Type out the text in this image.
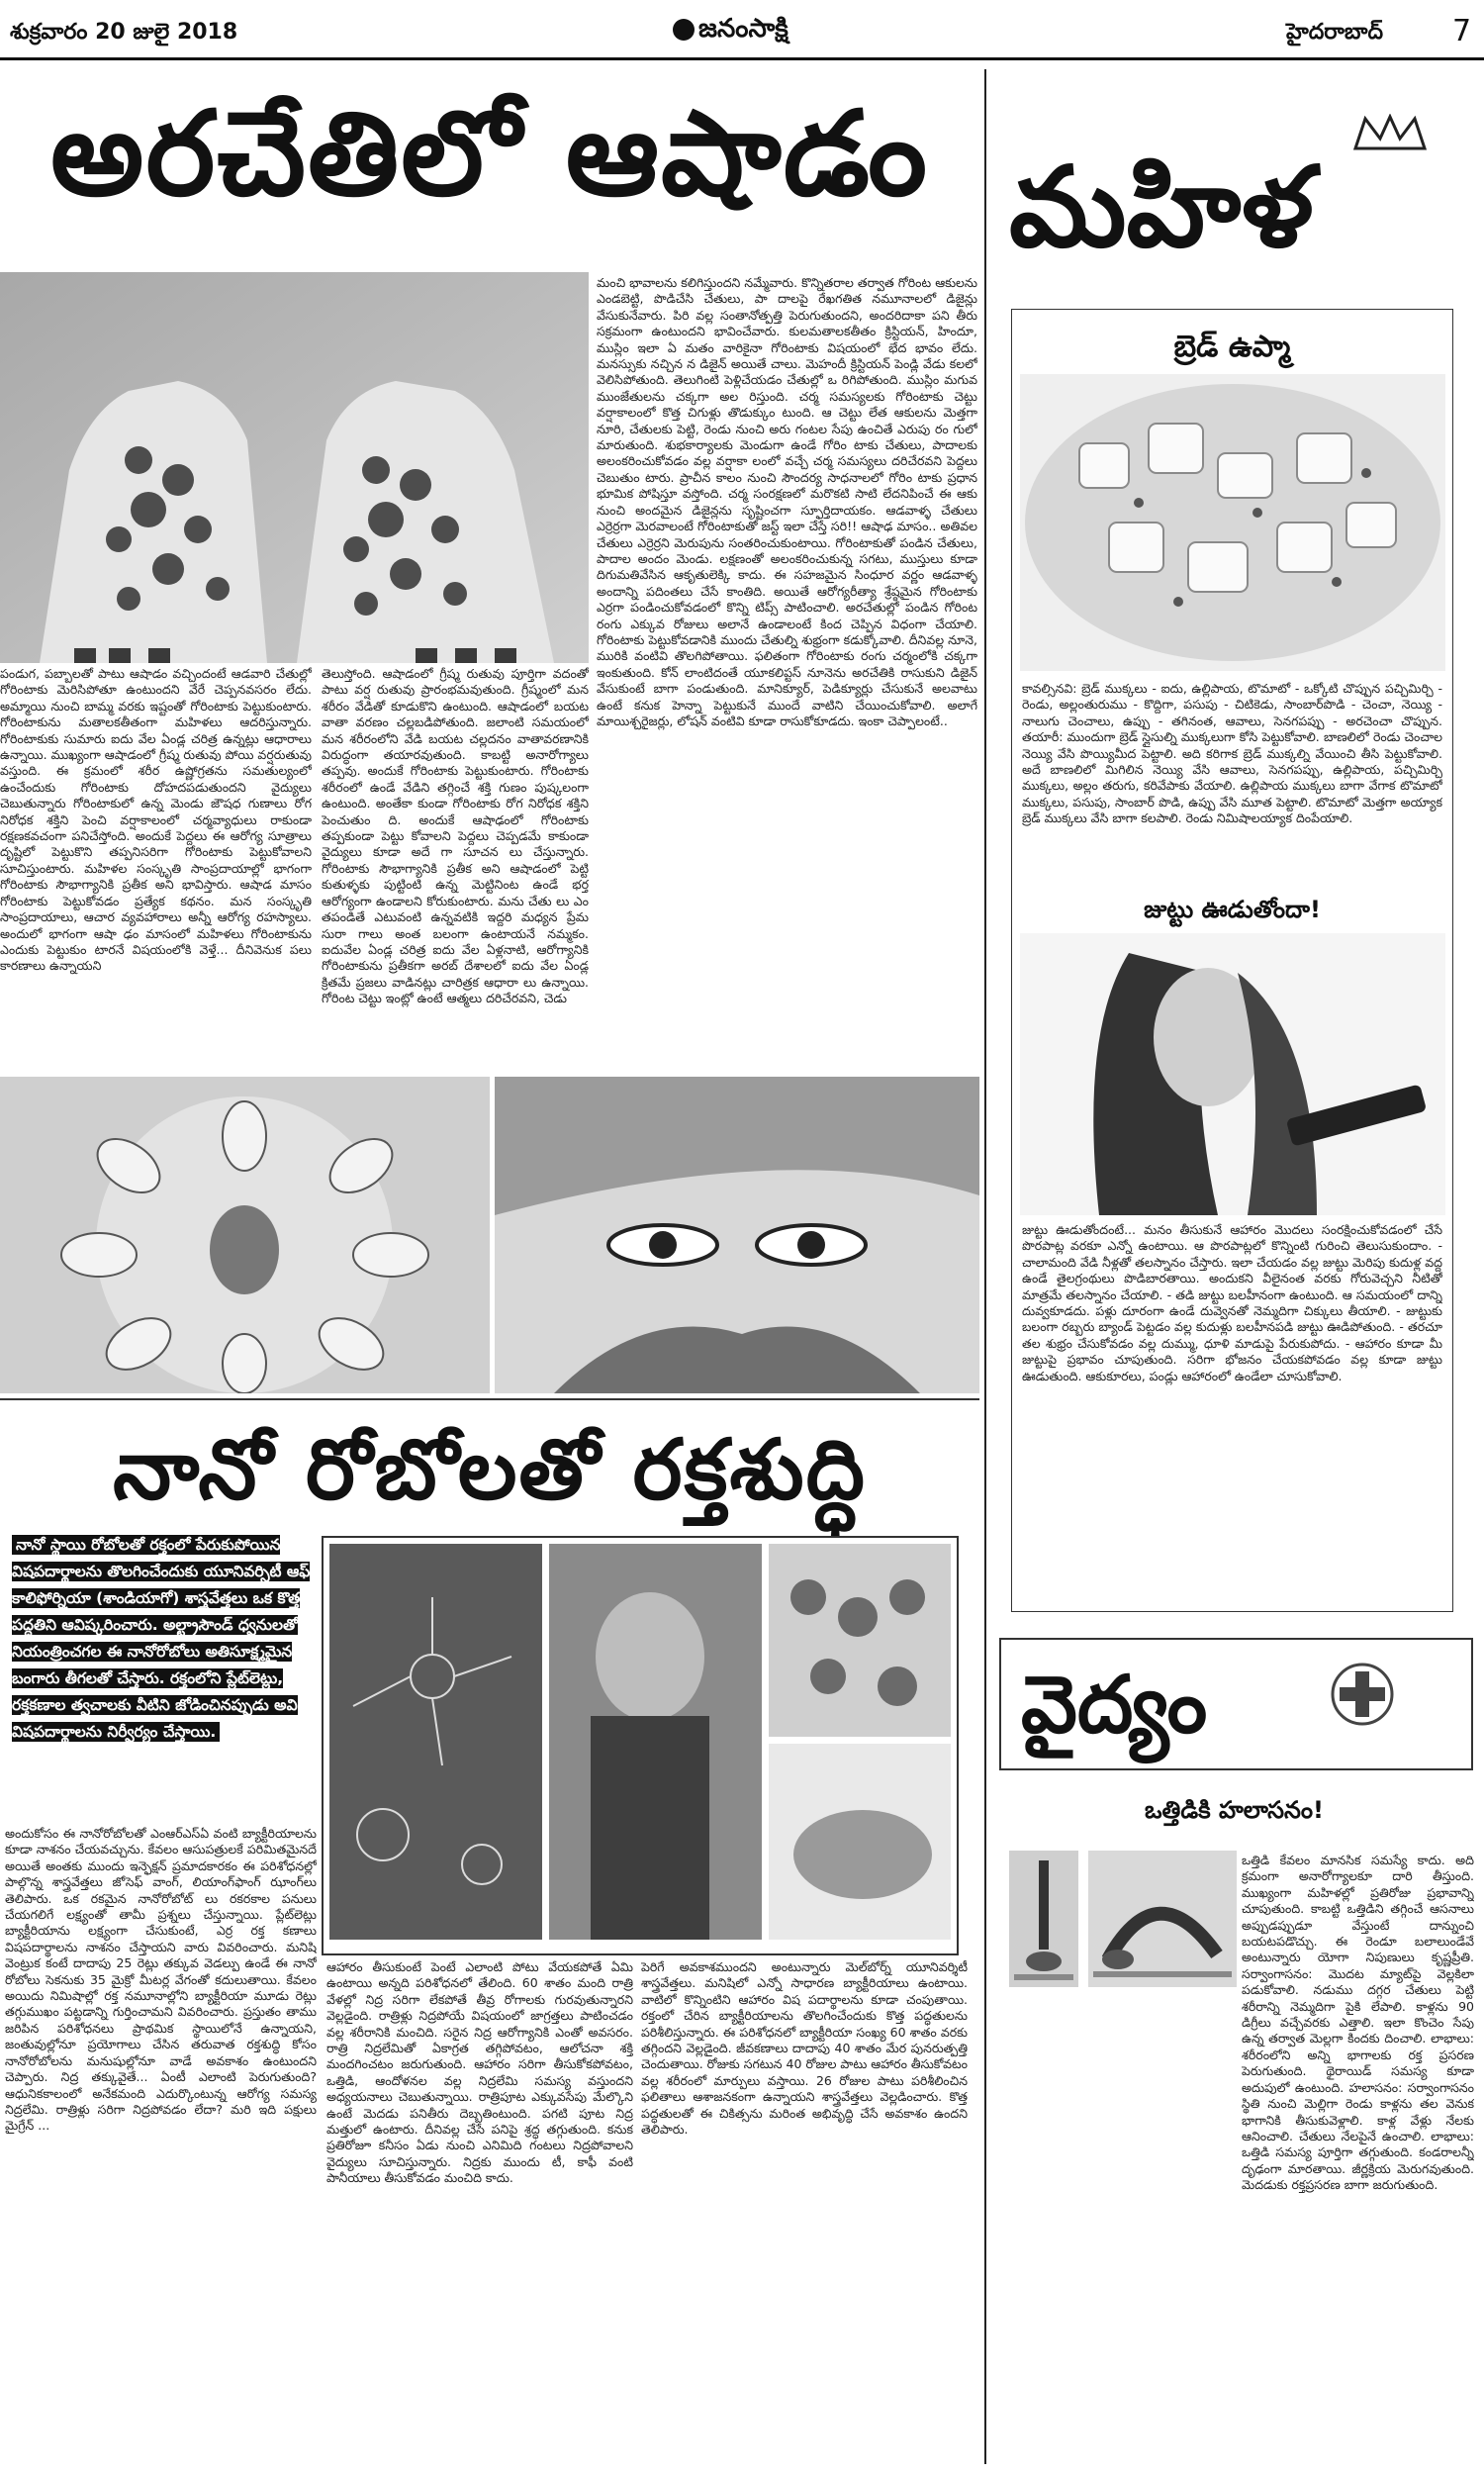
శుక్రవారం 20 జులై 2018	జనంసాక్షి	హైదరాబాద్ 7
అరచేతిలో ఆషాడం
మంచి భావాలను కలిగిస్తుందని నమ్మేవారు. కొన్నితరాల తర్వాత గోరింట ఆకులను ఎండబెట్టి, పొడిచేసి చేతులు, పా దాలపై రేఖగతిత నమూనాలలో డిజైన్లు వేసుకునేవారు. పిరి వల్ల సంతానోత్పత్తి పెరుగుతుందని, అందరిదాకా పని తీరు సక్రమంగా ఉంటుందని భావించేవారు. కులమతాలకతీతం క్రిస్టియన్, హిందూ, ముస్లిం ఇలా ఏ మతం వారికైనా గోరింటాకు విషయంలో భేద భావం లేదు. మనస్సుకు నచ్చిన న డిజైన్ అయితే చాలు. మెహందీ క్రిస్టియన్ పెండ్లి వేడు కలలో వెలిసిపోతుంది. తెలుగింటి పెళ్లిచేయడం చేతుల్లో ఒ రిగిపోతుంది. ముస్లిం మగువ ముంజేతులను చక్కగా అల రిస్తుంది. చర్మ సమస్యలకు గోరింటాకు చెట్టు వర్షాకాలంలో కొత్త చిగుళ్లు తొడుక్కుం టుంది. ఆ చెట్టు లేత ఆకులను మెత్తగా నూరి, చేతులకు పెట్టి, రెండు నుంచి అరు గంటల సేపు ఉంచితే ఎరుపు రం గులో మారుతుంది. శుభకార్యాలకు మెండుగా ఉండే గోరిం టాకు చేతులు, పాదాలకు అలంకరించుకోవడం వల్ల వర్షాకా లంలో వచ్చే చర్మ సమస్యలు దరిచేరవని పెద్దలు చెబుతుం టారు. ప్రాచీన కాలం నుంచి సౌందర్య సాధనాలలో గోరిం టాకు ప్రధాన భూమిక పోషిస్తూ వస్తోంది. చర్మ సంరక్షణలో మరొకటి సాటి లేదనిపించే ఈ ఆకు నుంచి అందమైన డిజైన్లను సృష్టించగా స్ఫూర్తిదాయకం. ఆడవాళ్ళ చేతులు ఎర్రెర్రగా మెరవాలంటే గోరింటాకుతో జస్ట్ ఇలా చేస్తే సరి!! ఆషాఢ మాసం.. అతివల చేతులు ఎర్రెర్రని మెరుపును సంతరించుకుంటాయి. గోరింటాకుతో పండిన చేతులు, పాదాల అందం మెండు. లక్షణంతో అలంకరించుకున్న సగటు, ముస్తులు కూడా దిగుమతివేసిన ఆకృతులెక్కి కాదు. ఈ సహజమైన సింధూర వర్ణం ఆడవాళ్ళ అందాన్ని పదింతలు చేసే కాంతిది. అయితే ఆరోగ్యరీత్యా శ్రేష్ఠమైన గోరింటాకు ఎర్రగా పండించుకోవడంలో కొన్ని టిప్స్ పాటించాలి. అరచేతుల్లో పండిన గోరింట రంగు ఎక్కువ రోజులు అలానే ఉండాలంటే కింద చెప్పిన విధంగా చేయాలి. గోరింటాకు పెట్టుకోవడానికి ముందు చేతుల్ని శుభ్రంగా కడుక్కోవాలి. దీనివల్ల నూనె, మురికి వంటివి తొలగిపోతాయి. ఫలితంగా గోరింటాకు రంగు చర్మంలోకి చక్కగా ఇంకుతుంది. కోన్ లాంటిదంతే యూకలిప్టస్ నూనెను అరచేతికి రాసుకుని డిజైన్ వేసుకుంటే బాగా పండుతుంది. మానిక్యూర్, పెడిక్యూర్లు చేసుకునే అలవాటు ఉంటే కనుక హెన్నా పెట్టుకునే ముందే వాటిని చేయించుకోవాలి. అలాగే మాయిశ్చరైజర్లు, లోషన్ వంటివి కూడా రాసుకోకూడదు. ఇంకా చెప్పాలంటే..
పండుగ, పబ్బాలతో పాటు ఆషాడం వచ్చిందంటే ఆడవారి చేతుల్లో గోరింటాకు మెరిసిపోతూ ఉంటుందని వేరే చెప్పనవసరం లేదు. అమ్మాయి నుంచి బామ్మ వరకు ఇష్టంతో గోరింటాకు పెట్టుకుంటారు. గోరింటాకును మతాలకతీతంగా మహిళలు ఆదరిస్తున్నారు. గోరింటాకుకు సుమారు ఐదు వేల ఏండ్ల చరిత్ర ఉన్నట్లు ఆధారాలు ఉన్నాయి. ముఖ్యంగా ఆషాడంలో గ్రీష్మ రుతువు పోయి వర్షరుతువు వస్తుంది. ఈ క్రమంలో శరీర ఉష్ణోగ్రతను సమతుల్యంలో ఉంచేందుకు గోరింటాకు దోహదపడుతుందని వైద్యులు చెబుతున్నారు గోరింటాకులో ఉన్న మెండు జౌషధ గుణాలు రోగ నిరోధక శక్తిని పెంచి వర్షాకాలంలో చర్మవ్యాధులు రాకుండా రక్షణకవచంగా పనిచేస్తోంది. అందుకే పెద్దలు ఈ ఆరోగ్య సూత్రాలు దృష్టిలో పెట్టుకొని తప్పనిసరిగా గోరింటాకు పెట్టుకోవాలని సూచిస్తుంటారు. మహిళల సంస్కృతి సాంప్రదాయాల్లో భాగంగా గోరింటాకు సౌభాగ్యానికి ప్రతీక అని భావిస్తారు. ఆషాడ మాసం గోరింటాకు పెట్టుకోవడం ప్రత్యేక కథనం. మన సంస్కృతి సాంప్రదాయాలు, ఆచార వ్యవహారాలు అన్నీ ఆరోగ్య రహస్యాలు. అందులో భాగంగా ఆషా ఢం మాసంలో మహిళలు గోరింటాకును ఎందుకు పెట్టుకుం టారనే విషయంలోకి వెళ్తే... దీనివెనుక పలు కారణాలు ఉన్నాయని
తెలుస్తోంది. ఆషాడంలో గ్రీష్మ రుతువు పూర్తిగా వదంతో పాటు వర్ష రుతువు ప్రారంభమవుతుంది. గ్రీష్మంలో మన శరీరం వేడితో కూడుకొని ఉంటుంది. ఆషాడంలో బయట వాతా వరణం చల్లబడిపోతుంది. జలాంటి సమయంలో మన శరీరంలోని వేడి బయట చల్లదనం వాతావరణానికి విరుద్ధంగా తయారవుతుంది. కాబట్టి అనారోగ్యాలు తప్పవు. అందుకే గోరింటాకు పెట్టుకుంటారు. గోరింటాకు శరీరంలో ఉండే వేడిని తగ్గించే శక్తి గుణం పుష్కలంగా ఉంటుంది. అంతేకా కుండా గోరింటాకు రోగ నిరోధక శక్తిని పెంచుతుం ది. అందుకే ఆషాఢంలో గోరింటాకు తప్పకుండా పెట్టు కోవాలని పెద్దలు చెప్పడమే కాకుండా వైద్యులు కూడా అదే గా సూచన లు చేస్తున్నారు. గోరింటాకు సౌభాగ్యానికి ప్రతీక అని ఆషాడంలో పెట్టి కుతుళ్ళకు పుట్టింటి ఉన్న మెట్టినింట ఉండే భర్త ఆరోగ్యంగా ఉండాలని కోరుకుంటారు. మను చేతు లు ఎం తపండితే ఎటువంటి ఉన్నవటికి ఇద్దరి మధ్యన ప్రేమ సురా గాలు అంత బలంగా ఉంటాయనే నమ్మకం. ఐదువేల ఏండ్ల చరిత్ర ఐదు వేల ఏళ్లనాటి, ఆరోగ్యానికి గోరింటాకును ప్రతీకగా అరబ్ దేశాలలో ఐదు వేల ఏండ్ల క్రితమే ప్రజలు వాడినట్లు చారిత్రక ఆధారా లు ఉన్నాయి. గోరింట చెట్టు ఇంట్లో ఉంటే ఆత్మలు దరిచేరవని, చెడు
నానో రోబోలతో రక్తశుద్ధి
నానో స్థాయి రోబోలతో రక్తంలో పేరుకుపోయిన విషపదార్థాలను తొలగించేందుకు యూనివర్సిటీ ఆఫ్ కాలిఫోర్నియా (శాండియాగో) శాస్త్రవేత్తలు ఒక కొత్త పద్ధతిని ఆవిష్కరించారు. అల్ట్రాసౌండ్ ధ్వనులతో నియంత్రించగల ఈ నానోరోబోలు అతిసూక్ష్మమైన బంగారు తీగలతో చేస్తారు. రక్తంలోని ప్లేట్‌లెట్లు, రక్తకణాల త్వచాలకు వీటిని జోడించినప్పుడు అవి విషపదార్థాలను నిర్వీర్యం చేస్తాయి.
అందుకోసం ఈ నానోరోబోలతో ఎంఆర్‌ఎస్ఏ వంటి బ్యాక్టీరియాలను కూడా నాశనం చేయవచ్చును. కేవలం ఆసుపత్రులకే పరిమితమైనదే అయితే అంతకు ముందు ఇన్ఫెక్షన్ ప్రమాదకారకం ఈ పరిశోధనల్లో పాల్గొన్న శాస్త్రవేత్తలు జోసెఫ్ వాంగ్, లియాంగ్‌ఫాంగ్ ఝాంగ్‌లు తెలిపారు. ఒక రకమైన నానోరోబోట్ లు రకరకాల పనులు చేయగలిగే లక్ష్యంతో తామీ ప్రశ్నలు చేస్తున్నాయి. ప్లేట్‌లెట్లు బ్యాక్టీరియాను లక్ష్యంగా చేసుకుంటే, ఎర్ర రక్త కణాలు విషపదార్థాలను నాశనం చేస్తాయని వారు వివరించారు. మనిషి వెంట్రుక కంటే దాదాపు 25 రెట్లు తక్కువ వెడల్పు ఉండే ఈ నానో రోబోలు సెకనుకు 35 మైక్రో మీటర్ల వేగంతో కదులుతాయి. కేవలం అయిదు నిమిషాల్లో రక్త నమూనాల్లోని బ్యాక్టీరియా మూడు రెట్లు తగ్గుముఖం పట్టడాన్ని గుర్తించామని వివరించారు. ప్రస్తుతం తాము జరిపిన పరిశోధనలు ప్రాథమిక స్థాయిలోనే ఉన్నాయని, జంతువుల్లోనూ ప్రయోగాలు చేసిన తరువాత రక్తశుద్ధి కోసం నానోరోబోలను మనుషుల్లోనూ వాడే అవకాశం ఉంటుందని చెప్పారు. నిద్ర తక్కువైతే... ఏంటీ ఎలాంటి పెరుగుతుంది? ఆధునికకాలంలో అనేకమంది ఎదుర్కొంటున్న ఆరోగ్య సమస్య నిద్రలేమి. రాత్రిళ్లు సరిగా నిద్రపోవడం లేదా? మరి ఇది పక్షులు మైగ్రేన్ ...
ఆహారం తీసుకుంటే పెంటే ఎలాంటి పోటు వేయకపోతే ఏమి ఉంటాయి అన్నది పరిశోధనలో తేలింది. 60 శాతం మంది రాత్రి వేళల్లో నిద్ర సరిగా లేకపోతే తీవ్ర రోగాలకు గురవుతున్నారని వెల్లడైంది. రాత్రిళ్లు నిద్రపోయే విషయంలో జాగ్రత్తలు పాటించడం వల్ల శరీరానికి మంచిది. సరైన నిద్ర ఆరోగ్యానికి ఎంతో అవసరం. రాత్రి నిద్రలేమితో ఏకాగ్రత తగ్గిపోవటం, ఆలోచనా శక్తి మందగించటం జరుగుతుంది. ఆహారం సరిగా తీసుకోకపోవటం, ఒత్తిడి, ఆందోళనల వల్ల నిద్రలేమి సమస్య వస్తుందని అధ్యయనాలు చెబుతున్నాయి. రాత్రిపూట ఎక్కువసేపు మేల్కొని ఉంటే మెదడు పనితీరు దెబ్బతింటుంది. పగటి పూట నిద్ర మత్తులో ఉంటారు. దీనివల్ల చేసే పనిపై శ్రద్ధ తగ్గుతుంది. కనుక ప్రతిరోజూ కనీసం ఏడు నుంచి ఎనిమిది గంటలు నిద్రపోవాలని వైద్యులు సూచిస్తున్నారు. నిద్రకు ముందు టీ, కాఫీ వంటి పానీయాలు తీసుకోవడం మంచిది కాదు.
పెరిగే అవకాశముందని అంటున్నారు మెల్‌బోర్న్ యూనివర్శిటీ శాస్త్రవేత్తలు. మనిషిలో ఎన్నో సాధారణ బ్యాక్టీరియాలు ఉంటాయి. వాటిలో కొన్నింటిని ఆహారం విష పదార్థాలను కూడా చంపుతాయి. రక్తంలో చేరిన బ్యాక్టీరియాలను తొలగించేందుకు కొత్త పద్ధతులను పరిశీలిస్తున్నారు. ఈ పరిశోధనలో బ్యాక్టీరియా సంఖ్య 60 శాతం వరకు తగ్గిందని వెల్లడైంది. జీవకణాలు దాదాపు 40 శాతం మేర పునరుత్పత్తి చెందుతాయి. రోజుకు సగటున 40 రోజుల పాటు ఆహారం తీసుకోవటం వల్ల శరీరంలో మార్పులు వస్తాయి. 26 రోజుల పాటు పరిశీలించిన ఫలితాలు ఆశాజనకంగా ఉన్నాయని శాస్త్రవేత్తలు వెల్లడించారు. కొత్త పద్ధతులతో ఈ చికిత్సను మరింత అభివృద్ధి చేసే అవకాశం ఉందని తెలిపారు.
మహిళ
బ్రెడ్ ఉప్మా
కావల్సినవి: బ్రెడ్ ముక్కలు - ఐదు, ఉల్లిపాయ, టొమాటో - ఒక్కోటి చొప్పున పచ్చిమిర్చి - రెండు, అల్లంతురుము - కొద్దిగా, పసుపు - చిటికెడు, సాంబార్‌పొడి - చెంచా, నెయ్యి - నాలుగు చెంచాలు, ఉప్పు - తగినంత, ఆవాలు, సెనగపప్పు - అరచెంచా చొప్పున. తయారీ: ముందుగా బ్రెడ్ స్లైసుల్ని ముక్కలుగా కోసి పెట్టుకోవాలి. బాణలిలో రెండు చెంచాల నెయ్యి వేసి పొయ్యిమీద పెట్టాలి. అది కరిగాక బ్రెడ్ ముక్కల్ని వేయించి తీసి పెట్టుకోవాలి. అదే బాణలిలో మిగిలిన నెయ్యి వేసి ఆవాలు, సెనగపప్పు, ఉల్లిపాయ, పచ్చిమిర్చి ముక్కలు, అల్లం తరుగు, కరివేపాకు వేయాలి. ఉల్లిపాయ ముక్కలు బాగా వేగాక టొమాటో ముక్కలు, పసుపు, సాంబార్ పొడి, ఉప్పు వేసి మూత పెట్టాలి. టొమాటో మెత్తగా అయ్యాక బ్రెడ్ ముక్కలు వేసి బాగా కలపాలి. రెండు నిమిషాలయ్యాక దింపేయాలి.
జుట్టు ఊడుతోందా!
జుట్టు ఊడుతోందంటే... మనం తీసుకునే ఆహారం మొదలు సంరక్షించుకోవడంలో చేసే పొరపాట్ల వరకూ ఎన్నో ఉంటాయి. ఆ పొరపాట్లలో కొన్నింటి గురించి తెలుసుకుందాం. - చాలామంది వేడి నీళ్లతో తలస్నానం చేస్తారు. ఇలా చేయడం వల్ల జుట్టు మెరిపు కుదుళ్ల వద్ద ఉండే తైలగ్రంథులు పొడిబారతాయి. అందుకని వీలైనంత వరకు గోరువెచ్చని నీటితో మాత్రమే తలస్నానం చేయాలి. - తడి జుట్టు బలహీనంగా ఉంటుంది. ఆ సమయంలో దాన్ని దువ్వకూడదు. పళ్లు దూరంగా ఉండే దువ్వెనతో నెమ్మదిగా చిక్కులు తీయాలి. - జుట్టుకు బలంగా రబ్బరు బ్యాండ్ పెట్టడం వల్ల కుదుళ్లు బలహీనపడి జుట్టు ఊడిపోతుంది. - తరచూ తల శుభ్రం చేసుకోవడం వల్ల దుమ్ము, ధూళి మాడుపై పేరుకుపోదు. - ఆహారం కూడా మీ జుట్టుపై ప్రభావం చూపుతుంది. సరిగా భోజనం చేయకపోవడం వల్ల కూడా జుట్టు ఊడుతుంది. ఆకుకూరలు, పండ్లు ఆహారంలో ఉండేలా చూసుకోవాలి.
వైద్యం
ఒత్తిడికి హలాసనం!
ఒత్తిడి కేవలం మానసిక సమస్యే కాదు. అది క్రమంగా అనారోగ్యాలకూ దారి తీస్తుంది. ముఖ్యంగా మహిళల్లో ప్రతిరోజు ప్రభావాన్ని చూపుతుంది. కాబట్టి ఒత్తిడిని తగ్గించే ఆసనాలు అప్పుడప్పుడూ వేస్తుంటే దాన్నుంచి బయటపడొచ్చు. ఈ రెండూ బలాలుండేవే అంటున్నారు యోగా నిపుణులు కృష్ణప్రీతి. సర్వాంగాసనం: మొదట మ్యాట్‌పై వెల్లకిలా పడుకోవాలి. నడుము దగ్గర చేతులు పెట్టి శరీరాన్ని నెమ్మదిగా పైకి లేపాలి. కాళ్లను 90 డిగ్రీలు వచ్చేవరకు ఎత్తాలి. ఇలా కొంచెం సేపు ఉన్న తర్వాత మెల్లగా కిందకు దించాలి. లాభాలు: శరీరంలోని అన్ని భాగాలకు రక్త ప్రసరణ పెరుగుతుంది. థైరాయిడ్ సమస్య కూడా అదుపులో ఉంటుంది. హలాసనం: సర్వాంగాసనం స్థితి నుంచి మెల్లిగా రెండు కాళ్లను తల వెనుక భాగానికి తీసుకువెళ్లాలి. కాళ్ల వేళ్లు నేలకు ఆనించాలి. చేతులు నేలపైనే ఉంచాలి. లాభాలు: ఒత్తిడి సమస్య పూర్తిగా తగ్గుతుంది. కండరాలన్నీ దృఢంగా మారతాయి. జీర్ణక్రియ మెరుగవుతుంది. మెదడుకు రక్తప్రసరణ బాగా జరుగుతుంది.
